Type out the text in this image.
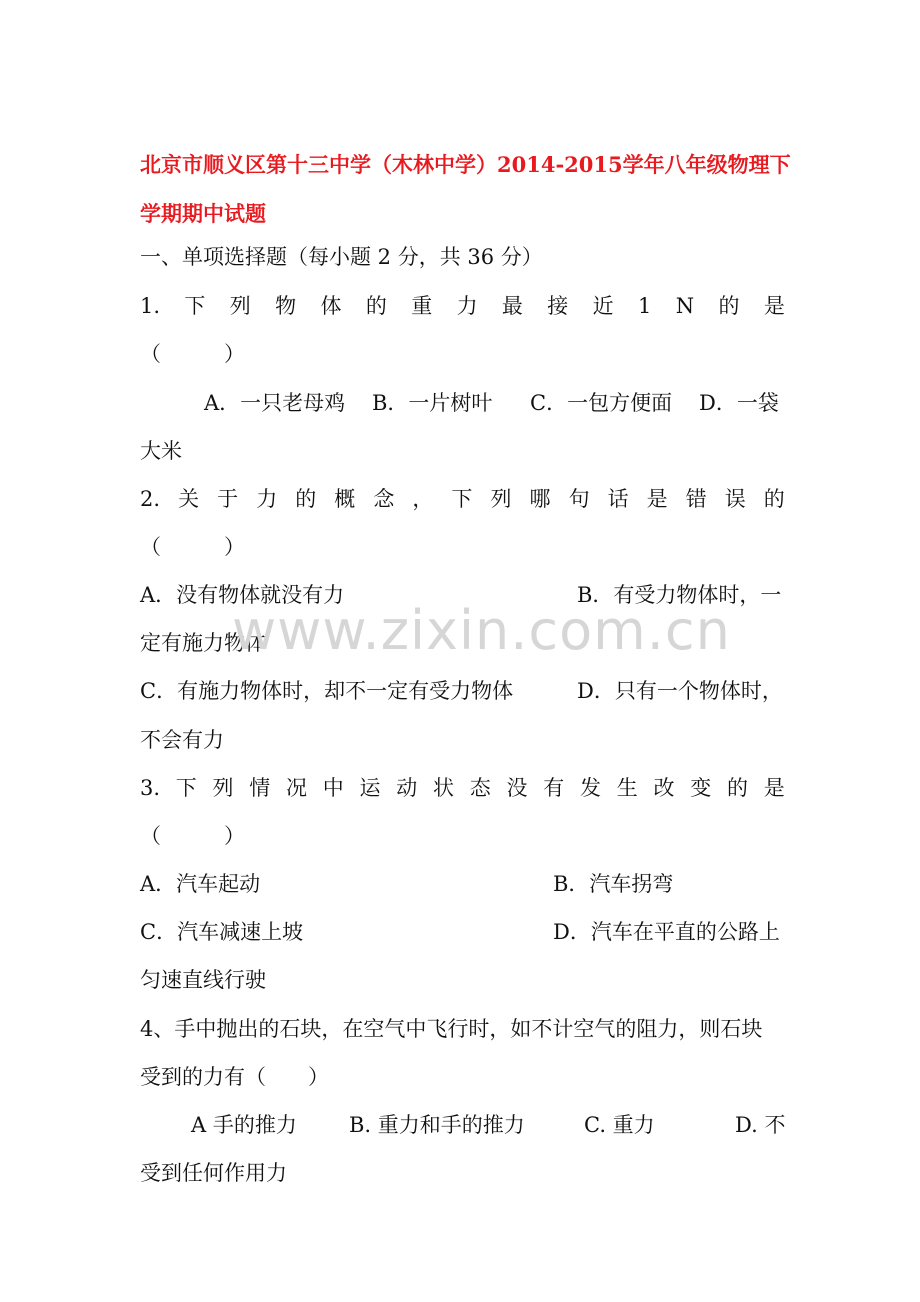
北京市顺义区第十三中学（木林中学）2014-2015学年八年级物理下
学期期中试题
一、单项选择题（每小题 2 分，共 36 分）
1. 下 列 物 体 的 重 力 最 接 近 1 N 的 是
（　　　）
A．一只老母鸡 B．一片树叶 C．一包方便面 D．一袋
大米
2. 关 于 力 的 概 念 ， 下 列 哪 句 话 是 错 误 的
（　　　）
A．没有物体就没有力	B．有受力物体时，一
定有施力物体
C．有施力物体时，却不一定有受力物体	D．只有一个物体时，
不会有力
www.zixin.com.cn
3. 下 列 情 况 中 运 动 状 态 没 有 发 生 改 变 的 是
（　　　）
A．汽车起动	B．汽车拐弯
C．汽车减速上坡	D．汽车在平直的公路上
匀速直线行驶
4、手中抛出的石块，在空气中飞行时，如不计空气的阻力，则石块
受到的力有（　　）
A 手的推力 B. 重力和手的推力	C. 重力	D. 不
受到任何作用力
